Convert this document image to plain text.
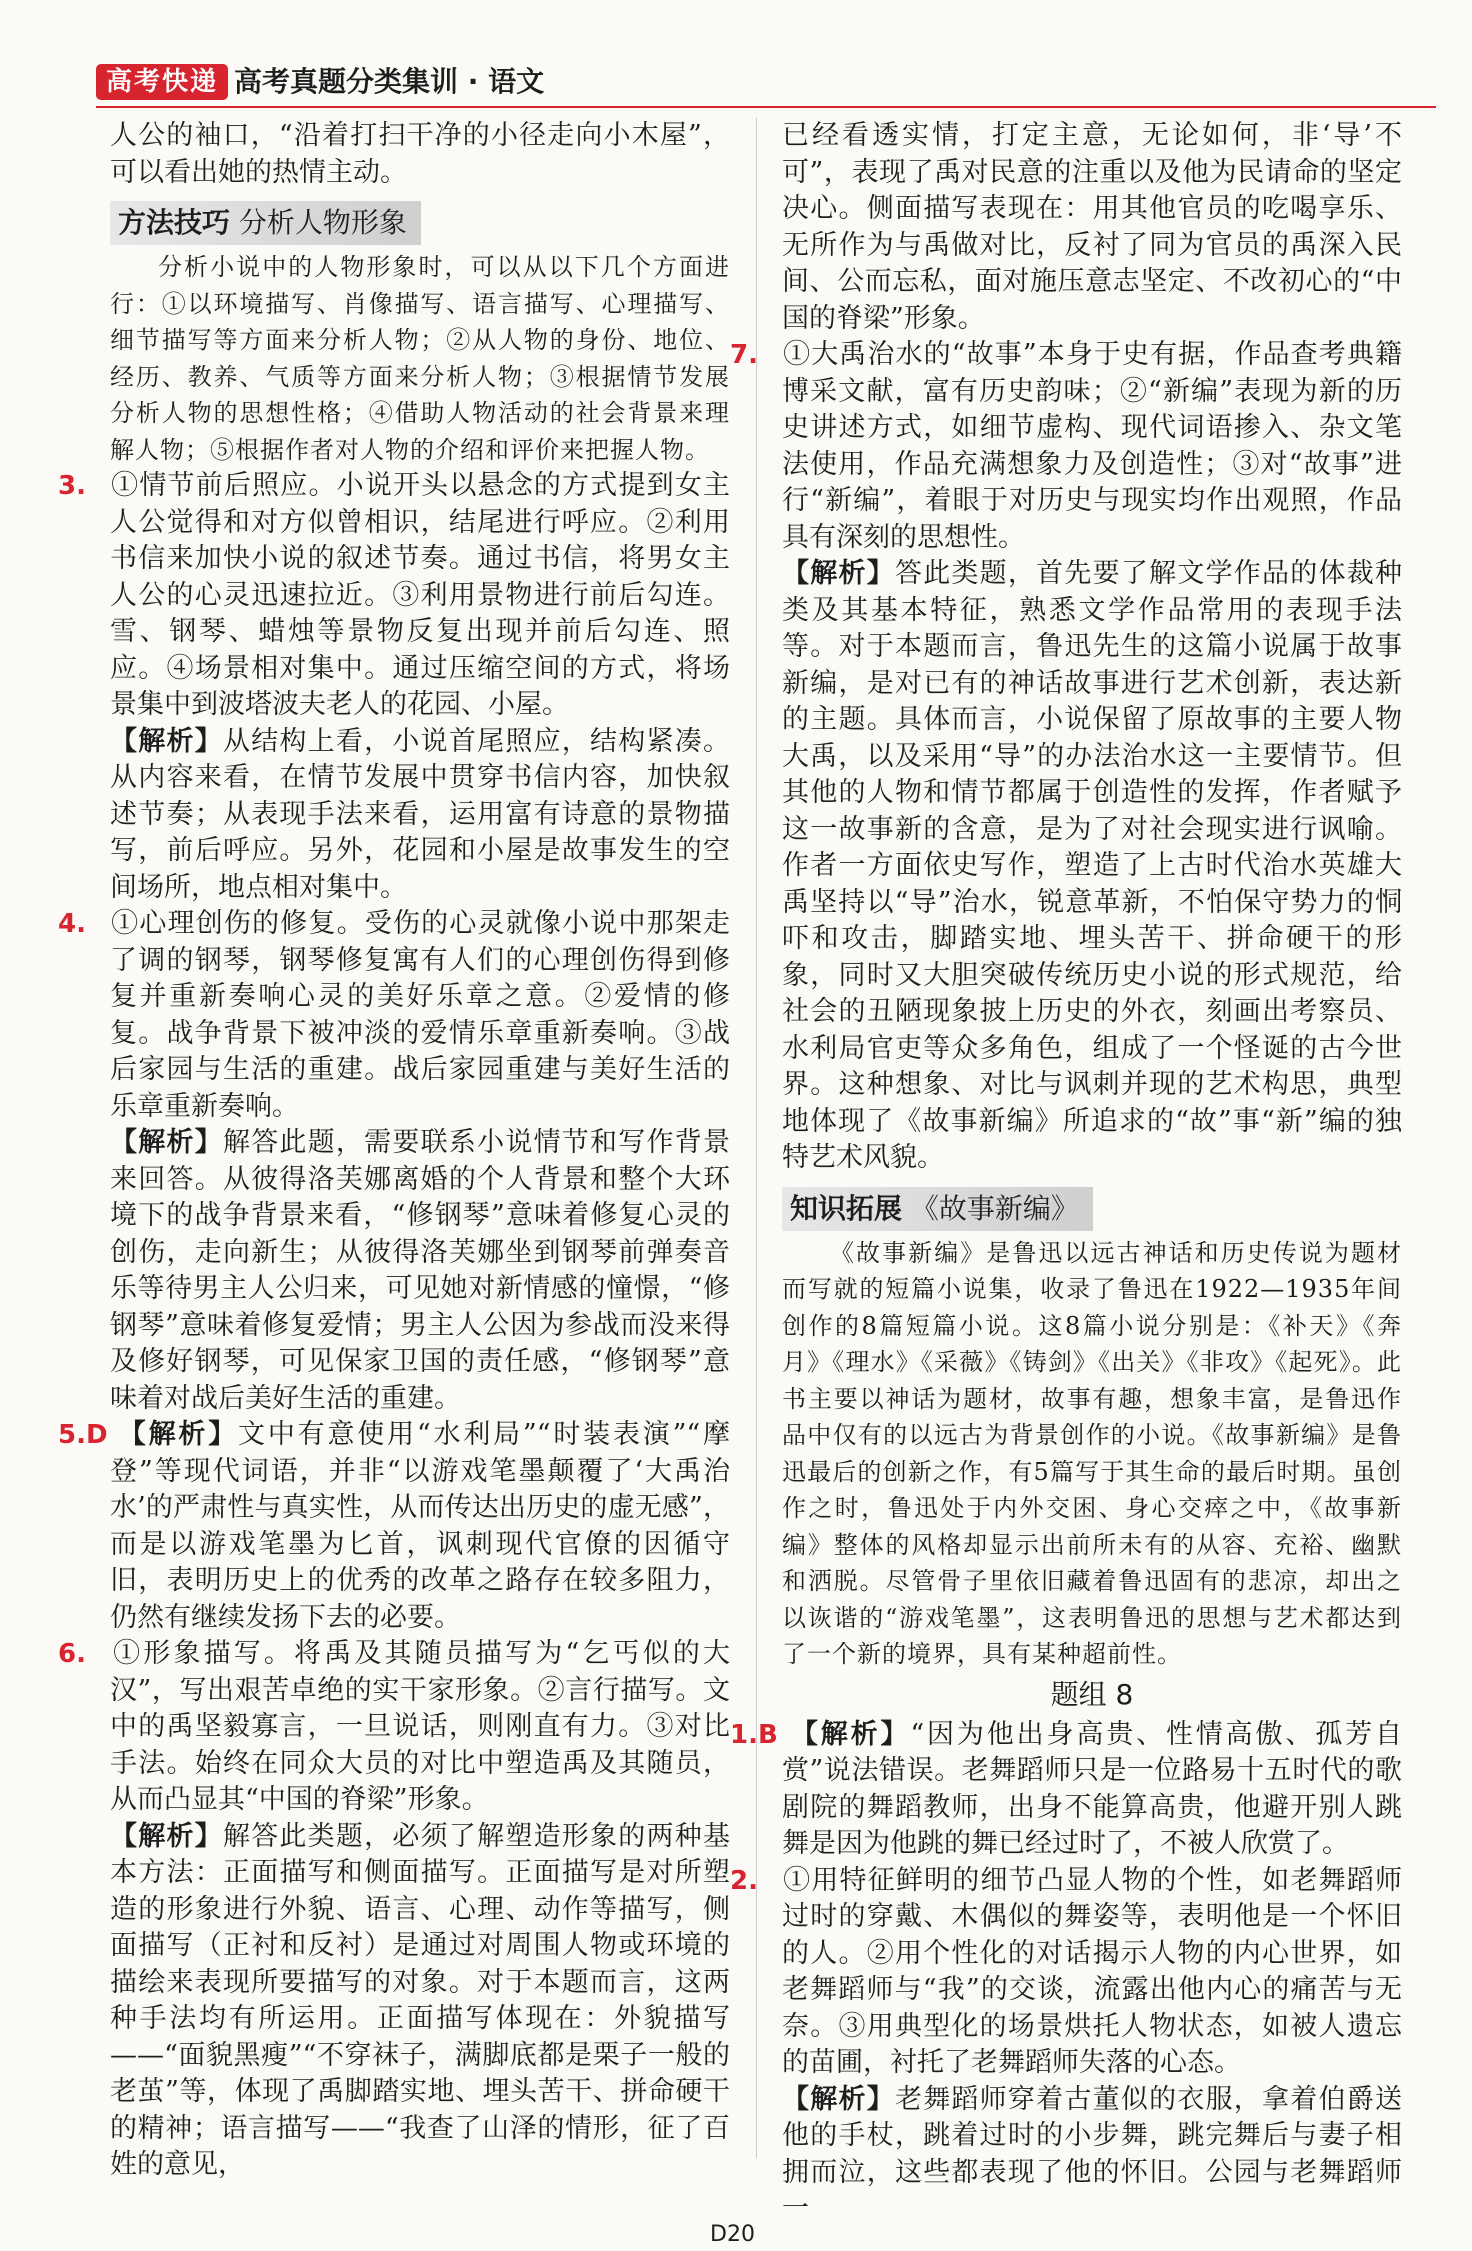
高考快递 高考真题分类集训 · 语文

人公的袖口，“沿着打扫干净的小径走向小木屋”，可以看出她的热情主动。

方法技巧 分析人物形象

分析小说中的人物形象时，可以从以下几个方面进行：①以环境描写、肖像描写、语言描写、心理描写、细节描写等方面来分析人物；②从人物的身份、地位、经历、教养、气质等方面来分析人物；③根据情节发展分析人物的思想性格；④借助人物活动的社会背景来理解人物；⑤根据作者对人物的介绍和评价来把握人物。

3. ①情节前后照应。小说开头以悬念的方式提到女主人公觉得和对方似曾相识，结尾进行呼应。②利用书信来加快小说的叙述节奏。通过书信，将男女主人公的心灵迅速拉近。③利用景物进行前后勾连。雪、钢琴、蜡烛等景物反复出现并前后勾连、照应。④场景相对集中。通过压缩空间的方式，将场景集中到波塔波夫老人的花园、小屋。

【解析】从结构上看，小说首尾照应，结构紧凑。从内容来看，在情节发展中贯穿书信内容，加快叙述节奏；从表现手法来看，运用富有诗意的景物描写，前后呼应。另外，花园和小屋是故事发生的空间场所，地点相对集中。

4. ①心理创伤的修复。受伤的心灵就像小说中那架走了调的钢琴，钢琴修复寓有人们的心理创伤得到修复并重新奏响心灵的美好乐章之意。②爱情的修复。战争背景下被冲淡的爱情乐章重新奏响。③战后家园与生活的重建。战后家园重建与美好生活的乐章重新奏响。

【解析】解答此题，需要联系小说情节和写作背景来回答。从彼得洛芙娜离婚的个人背景和整个大环境下的战争背景来看，“修钢琴”意味着修复心灵的创伤，走向新生；从彼得洛芙娜坐到钢琴前弹奏音乐等待男主人公归来，可见她对新情感的憧憬，“修钢琴”意味着修复爱情；男主人公因为参战而没来得及修好钢琴，可见保家卫国的责任感，“修钢琴”意味着对战后美好生活的重建。

5.D 【解析】文中有意使用“水利局”“时装表演”“摩登”等现代词语，并非“以游戏笔墨颠覆了‘大禹治水’的严肃性与真实性，从而传达出历史的虚无感”，而是以游戏笔墨为匕首，讽刺现代官僚的因循守旧，表明历史上的优秀的改革之路存在较多阻力，仍然有继续发扬下去的必要。

6. ①形象描写。将禹及其随员描写为“乞丐似的大汉”，写出艰苦卓绝的实干家形象。②言行描写。文中的禹坚毅寡言，一旦说话，则刚直有力。③对比手法。始终在同众大员的对比中塑造禹及其随员，从而凸显其“中国的脊梁”形象。

【解析】解答此类题，必须了解塑造形象的两种基本方法：正面描写和侧面描写。正面描写是对所塑造的形象进行外貌、语言、心理、动作等描写，侧面描写（正衬和反衬）是通过对周围人物或环境的描绘来表现所要描写的对象。对于本题而言，这两种手法均有所运用。正面描写体现在：外貌描写——“面貌黑瘦”“不穿袜子，满脚底都是栗子一般的老茧”等，体现了禹脚踏实地、埋头苦干、拼命硬干的精神；语言描写——“我查了山泽的情形，征了百姓的意见，

已经看透实情，打定主意，无论如何，非‘导’不可”，表现了禹对民意的注重以及他为民请命的坚定决心。侧面描写表现在：用其他官员的吃喝享乐、无所作为与禹做对比，反衬了同为官员的禹深入民间、公而忘私，面对施压意志坚定、不改初心的“中国的脊梁”形象。

7. ①大禹治水的“故事”本身于史有据，作品查考典籍博采文献，富有历史韵味；②“新编”表现为新的历史讲述方式，如细节虚构、现代词语掺入、杂文笔法使用，作品充满想象力及创造性；③对“故事”进行“新编”，着眼于对历史与现实均作出观照，作品具有深刻的思想性。

【解析】答此类题，首先要了解文学作品的体裁种类及其基本特征，熟悉文学作品常用的表现手法等。对于本题而言，鲁迅先生的这篇小说属于故事新编，是对已有的神话故事进行艺术创新，表达新的主题。具体而言，小说保留了原故事的主要人物大禹，以及采用“导”的办法治水这一主要情节。但其他的人物和情节都属于创造性的发挥，作者赋予这一故事新的含意，是为了对社会现实进行讽喻。作者一方面依史写作，塑造了上古时代治水英雄大禹坚持以“导”治水，锐意革新，不怕保守势力的恫吓和攻击，脚踏实地、埋头苦干、拼命硬干的形象，同时又大胆突破传统历史小说的形式规范，给社会的丑陋现象披上历史的外衣，刻画出考察员、水利局官吏等众多角色，组成了一个怪诞的古今世界。这种想象、对比与讽刺并现的艺术构思，典型地体现了《故事新编》所追求的“故”事“新”编的独特艺术风貌。

知识拓展 《故事新编》

《故事新编》是鲁迅以远古神话和历史传说为题材而写就的短篇小说集，收录了鲁迅在1922—1935年间创作的8篇短篇小说。这8篇小说分别是：《补天》《奔月》《理水》《采薇》《铸剑》《出关》《非攻》《起死》。此书主要以神话为题材，故事有趣，想象丰富，是鲁迅作品中仅有的以远古为背景创作的小说。《故事新编》是鲁迅最后的创新之作，有5篇写于其生命的最后时期。虽创作之时，鲁迅处于内外交困、身心交瘁之中，《故事新编》整体的风格却显示出前所未有的从容、充裕、幽默和洒脱。尽管骨子里依旧藏着鲁迅固有的悲凉，却出之以诙谐的“游戏笔墨”，这表明鲁迅的思想与艺术都达到了一个新的境界，具有某种超前性。

题组 8

1.B 【解析】“因为他出身高贵、性情高傲、孤芳自赏”说法错误。老舞蹈师只是一位路易十五时代的歌剧院的舞蹈教师，出身不能算高贵，他避开别人跳舞是因为他跳的舞已经过时了，不被人欣赏了。

2. ①用特征鲜明的细节凸显人物的个性，如老舞蹈师过时的穿戴、木偶似的舞姿等，表明他是一个怀旧的人。②用个性化的对话揭示人物的内心世界，如老舞蹈师与“我”的交谈，流露出他内心的痛苦与无奈。③用典型化的场景烘托人物状态，如被人遗忘的苗圃，衬托了老舞蹈师失落的心态。

【解析】老舞蹈师穿着古董似的衣服，拿着伯爵送他的手杖，跳着过时的小步舞，跳完舞后与妻子相拥而泣，这些都表现了他的怀旧。公园与老舞蹈师一

D20
